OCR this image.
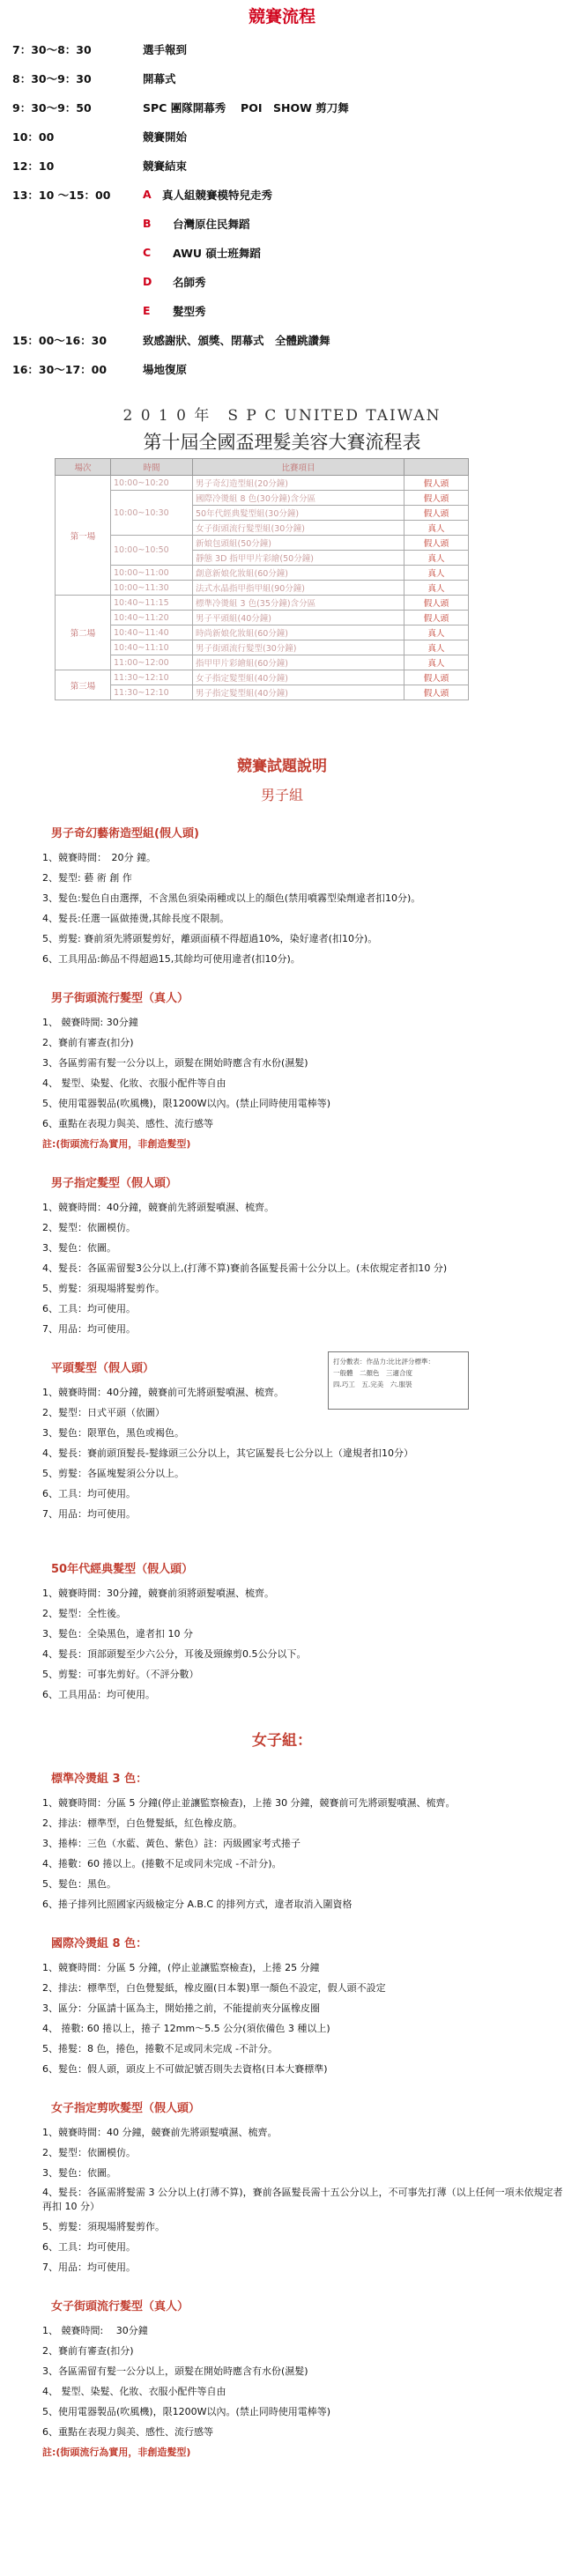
競賽流程
7：30～8：30	選手報到
8：30～9：30	開幕式
9：30～9：50	SPC 團隊開幕秀　 POI　SHOW 剪刀舞
10：00	競賽開始
12：10	競賽結束
13：10 ～15：00	A 真人組競賽模特兒走秀
B	台灣原住民舞蹈
C	AWU 碩士班舞蹈
D	名師秀
E	髮型秀
15：00～16：30	致感謝狀、頒獎、閉幕式　全體跳讚舞
16：30～17：00	場地復原
2 0 1 0 年　S P C UNITED TAIWAN
第十屆全國盃理髮美容大賽流程表
場次	時間	比賽項目	
第一場	10:00~10:20	男子奇幻造型組(20分鐘)	假人頭
	10:00~10:30	國際冷燙組 8 色(30分鐘)含分區	假人頭
		50年代經典髮型組(30分鐘)	假人頭
		女子街頭流行髮型組(30分鐘)	真人
	10:00~10:50	新娘包頭組(50分鐘)	假人頭
		靜態 3D 指甲甲片彩繪(50分鐘)	真人
	10:00~11:00	創意新娘化妝組(60分鐘)	真人
	10:00~11:30	法式水晶指甲指甲組(90分鐘)	真人
第二場	10:40~11:15	標準冷燙組 3 色(35分鐘)含分區	假人頭
	10:40~11:20	男子平頭組(40分鐘)	假人頭
	10:40~11:40	時尚新娘化妝組(60分鐘)	真人
	10:40~11:10	男子街頭流行髮型(30分鐘)	真人
	11:00~12:00	指甲甲片彩繪組(60分鐘)	真人
第三場	11:30~12:10	女子指定髮型組(40分鐘)	假人頭
	11:30~12:10	男子指定髮型組(40分鐘)	假人頭
競賽試題說明
男子組
男子奇幻藝術造型組(假人頭)
1、競賽時間：　20分 鐘。
2、髮型: 藝 術 創 作
3、髮色:髮色自由選擇，不含黑色須染兩種或以上的顏色(禁用噴霧型染劑違者扣10分)。
4、髮長:任選一區做捲燙,其餘長度不限制。
5、剪髮: 賽前須先將頭髮剪好，離頭面積不得超過10%，染好違者(扣10分)。
6、工具用品:飾品不得超過15,其餘均可使用違者(扣10分)。
男子街頭流行髮型（真人）
1、 競賽時間: 30分鐘
2、賽前有審查(扣分)
3、各區剪需有髮一公分以上，頭髮在開始時應含有水份(濕髮)
4、 髮型、染髮、化妝、衣服小配件等自由
5、使用電器製品(吹風機)，限1200W以內。(禁止同時使用電棒等)
6、重點在表現力與美、感性、流行感等
註:(街頭流行為實用，非創造髮型)
打分數表：作品力:比比評分標準：
一般體　二顏色　三適合度
四.巧工　五.完美　六.服裝
男子指定髮型（假人頭）
1、競賽時間：40分鐘，競賽前先將頭髮噴濕、梳齊。
2、髮型：依圖模仿。
3、髮色：依圖。
4、髮長：各區需留髮3公分以上,(打薄不算)賽前各區髮長需十公分以上。(未依規定者扣10 分)
5、剪髮：須現場將髮剪作。
6、工具：均可使用。
7、用品：均可使用。
平頭髮型（假人頭）
1、競賽時間：40分鐘，競賽前可先將頭髮噴濕、梳齊。
2、髮型：日式平頭（依圖）
3、髮色：限單色，黑色或褐色。
4、髮長：賽前頭頂髮長-髮緣頭三公分以上，其它區髮長七公分以上（違規者扣10分）
5、剪髮：各區塊髮須公分以上。
6、工具：均可使用。
7、用品：均可使用。
50年代經典髮型（假人頭）
1、競賽時間：30分鐘，競賽前須將頭髮噴濕、梳齊。
2、髮型：全性後。
3、髮色：全染黑色，違者扣 10 分
4、髮長：頂部頭髮至少六公分，耳後及頸線剪0.5公分以下。
5、剪髮：可事先剪好。（不評分數）
6、工具用品：均可使用。
女子組：
標準冷燙組 3 色：
1、競賽時間：分區 5 分鐘(停止並讓監察檢查)，上捲 30 分鐘，競賽前可先將頭髮噴濕、梳齊。
2、排法：標準型，白色覺髮紙，紅色橡皮筋。
3、捲棒：三色（水藍、黃色、紫色）註：丙級國家考式捲子
4、捲數：60 捲以上。(捲數不足或同未完成 -不計分)。
5、髮色：黑色。
6、捲子排列比照國家丙級檢定分 A.B.C 的排列方式，違者取消入圍資格
國際冷燙組 8 色：
1、競賽時間：分區 5 分鐘，(停止並讓監察檢查)，上捲 25 分鐘
2、排法：標準型，白色覺髮紙，橡皮圈(日本製)單一顏色不設定，假人頭不設定
3、區分：分區請十區為主，開始捲之前，不能提前夾分區橡皮圈
4、 捲數: 60 捲以上，捲子 12mm～5.5 公分(須依備色 3 種以上)
5、捲髮：8 色，捲色，捲數不足或同未完成 -不計分。
6、髮色：假人頭，頭皮上不可做記號否則失去資格(日本大賽標準)
女子指定剪吹髮型（假人頭）
1、競賽時間：40 分鐘，競賽前先將頭髮噴濕、梳齊。
2、髮型：依圖模仿。
3、髮色：依圖。
4、髮長：各區需將髮需 3 公分以上(打薄不算)，賽前各區髮長需十五公分以上，不可事先打薄（以上任何一項未依規定者再扣 10 分）
5、剪髮：須現場將髮剪作。
6、工具：均可使用。
7、用品：均可使用。
女子街頭流行髮型（真人）
1、 競賽時間:　 30分鐘
2、賽前有審查(扣分)
3、各區需留有髮一公分以上，頭髮在開始時應含有水份(濕髮)
4、 髮型、染髮、化妝、衣服小配件等自由
5、使用電器製品(吹風機)，限1200W以內。(禁止同時使用電棒等)
6、重點在表現力與美、感性、流行感等
註:(街頭流行為實用，非創造髮型)
